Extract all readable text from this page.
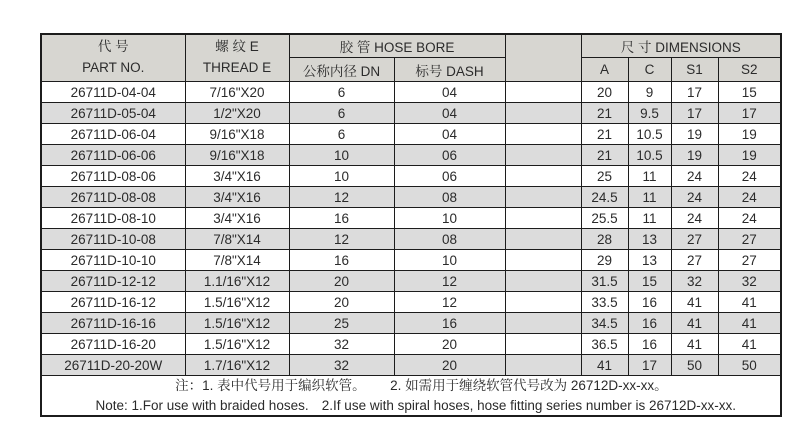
代 号
PART NO.	螺 纹 E
THREAD E	胶 管 HOSE BORE			尺 寸 DIMENSIONS			
		公称内径 DN	标号 DASH		A	C	S1	S2
26711D-04-04	7/16"X20	6	04		20	9	17	15
26711D-05-04	1/2"X20	6	04		21	9.5	17	17
26711D-06-04	9/16"X18	6	04		21	10.5	19	19
26711D-06-06	9/16"X18	10	06		21	10.5	19	19
26711D-08-06	3/4"X16	10	06		25	11	24	24
26711D-08-08	3/4"X16	12	08		24.5	11	24	24
26711D-08-10	3/4"X16	16	10		25.5	11	24	24
26711D-10-08	7/8"X14	12	08		28	13	27	27
26711D-10-10	7/8"X14	16	10		29	13	27	27
26711D-12-12	1.1/16"X12	20	12		31.5	15	32	32
26711D-16-12	1.5/16"X12	20	12		33.5	16	41	41
26711D-16-16	1.5/16"X12	25	16		34.5	16	41	41
26711D-16-20	1.5/16"X12	32	20		36.5	16	41	41
26711D-20-20W	1.7/16"X12	32	20		41	17	50	50

注：1. 表中代号用于编织软管。 2. 如需用于缠绕软管代号改为 26712D-xx-xx。
Note: 1.For use with braided hoses. 2.If use with spiral hoses, hose fitting series number is 26712D-xx-xx.								
